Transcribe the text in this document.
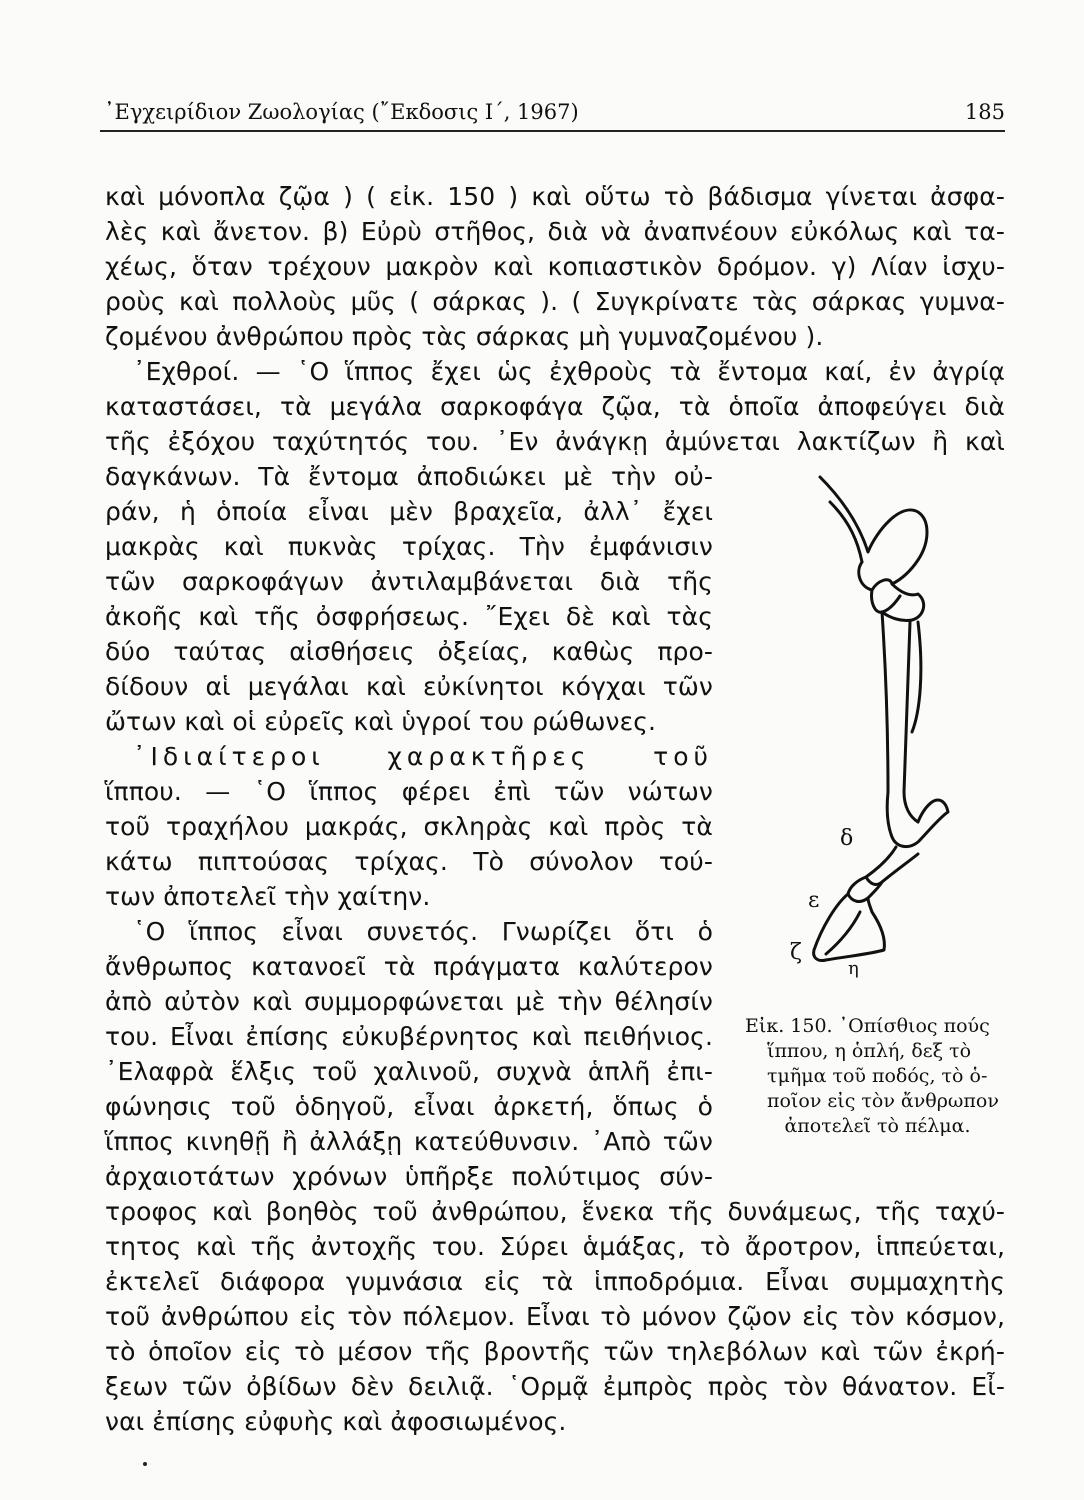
᾿Εγχειρίδιον Ζωολογίας (῎Εκδοσις Ι΄, 1967)	185
καὶ μόνοπλα ζῷα ) ( εἰκ. 150 ) καὶ οὕτω τὸ βάδισμα γίνεται ἀσφα-
λὲς καὶ ἄνετον. β) Εὐρὺ στῆθος, διὰ νὰ ἀναπνέουν εὐκόλως καὶ τα-
χέως, ὅταν τρέχουν μακρὸν καὶ κοπιαστικὸν δρόμον. γ) Λίαν ἰσχυ-
ροὺς καὶ πολλοὺς μῦς ( σάρκας ). ( Συγκρίνατε τὰς σάρκας γυμνα-
ζομένου ἀνθρώπου πρὸς τὰς σάρκας μὴ γυμναζομένου ).
᾿Εχθροί. — ῾Ο ἵππος ἔχει ὡς ἐχθροὺς τὰ ἔντομα καί, ἐν ἀγρίᾳ
καταστάσει, τὰ μεγάλα σαρκοφάγα ζῷα, τὰ ὁποῖα ἀποφεύγει διὰ
τῆς ἐξόχου ταχύτητός του. ᾿Εν ἀνάγκῃ ἀμύνεται λακτίζων ἢ καὶ
δαγκάνων. Τὰ ἔντομα ἀποδιώκει μὲ τὴν οὐ-
ράν, ἡ ὁποία εἶναι μὲν βραχεῖα, ἀλλ᾿ ἔχει
μακρὰς καὶ πυκνὰς τρίχας. Τὴν ἐμφάνισιν
τῶν σαρκοφάγων ἀντιλαμβάνεται διὰ τῆς
ἀκοῆς καὶ τῆς ὀσφρήσεως. ῎Εχει δὲ καὶ τὰς
δύο ταύτας αἰσθήσεις ὀξείας, καθὼς προ-
δίδουν αἱ μεγάλαι καὶ εὐκίνητοι κόγχαι τῶν
ὤτων καὶ οἱ εὐρεῖς καὶ ὑγροί του ρώθωνες.
᾿Ιδιαίτεροι χαρακτῆρες τοῦ
ἵππου. — ῾Ο ἵππος φέρει ἐπὶ τῶν νώτων
τοῦ τραχήλου μακράς, σκληρὰς καὶ πρὸς τὰ
κάτω πιπτούσας τρίχας. Τὸ σύνολον τού-
των ἀποτελεῖ τὴν χαίτην.
῾Ο ἵππος εἶναι συνετός. Γνωρίζει ὅτι ὁ
ἄνθρωπος κατανοεῖ τὰ πράγματα καλύτερον
ἀπὸ αὐτὸν καὶ συμμορφώνεται μὲ τὴν θέλησίν
του. Εἶναι ἐπίσης εὐκυβέρνητος καὶ πειθήνιος.
᾿Ελαφρὰ ἕλξις τοῦ χαλινοῦ, συχνὰ ἁπλῆ ἐπι-
φώνησις τοῦ ὁδηγοῦ, εἶναι ἀρκετή, ὅπως ὁ
ἵππος κινηθῇ ἢ ἀλλάξῃ κατεύθυνσιν. ᾿Απὸ τῶν
ἀρχαιοτάτων χρόνων ὑπῆρξε πολύτιμος σύν-
τροφος καὶ βοηθὸς τοῦ ἀνθρώπου, ἕνεκα τῆς δυνάμεως, τῆς ταχύ-
τητος καὶ τῆς ἀντοχῆς του. Σύρει ἁμάξας, τὸ ἄροτρον, ἱππεύεται,
ἐκτελεῖ διάφορα γυμνάσια εἰς τὰ ἱπποδρόμια. Εἶναι συμμαχητὴς
τοῦ ἀνθρώπου εἰς τὸν πόλεμον. Εἶναι τὸ μόνον ζῷον εἰς τὸν κόσμον,
τὸ ὁποῖον εἰς τὸ μέσον τῆς βροντῆς τῶν τηλεβόλων καὶ τῶν ἐκρή-
ξεων τῶν ὀβίδων δὲν δειλιᾷ. ῾Ορμᾷ ἐμπρὸς πρὸς τὸν θάνατον. Εἶ-
ναι ἐπίσης εὐφυὴς καὶ ἀφοσιωμένος.
δ
ε
ζ
η
Εἰκ. 150. ᾿Οπίσθιος πούς
ἵππου, η ὁπλή, δεξ τὸ
τμῆμα τοῦ ποδός, τὸ ὁ-
ποῖον εἰς τὸν ἄνθρωπον
ἀποτελεῖ τὸ πέλμα.
